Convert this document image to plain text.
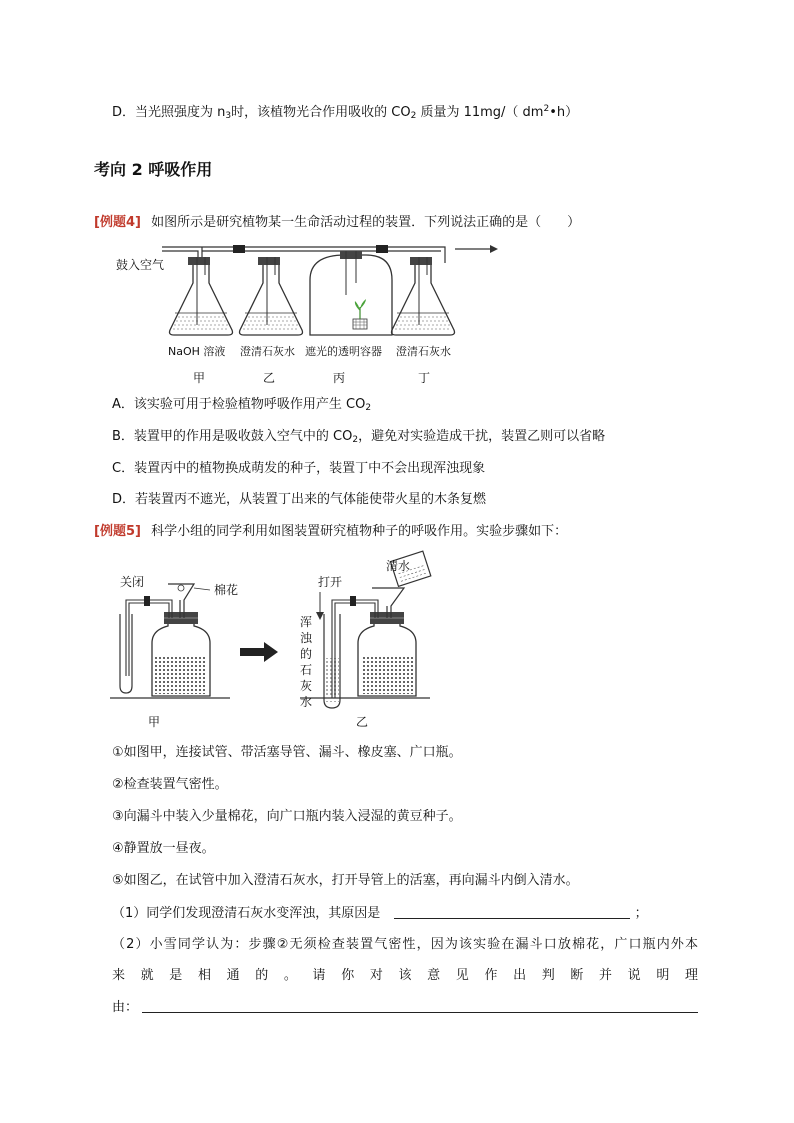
D．当光照强度为 $n_3$时，该植物光合作用吸收的 $CO_2$ 质量为 11mg/（ $dm^2•h$）
考向 2 呼吸作用
[例题4] 如图所示是研究植物某一生命活动过程的装置．下列说法正确的是（　　）
鼓入空气
NaOH 溶液 澄清石灰水 遮光的透明容器 澄清石灰水
甲	乙	丙	丁
A．该实验可用于检验植物呼吸作用产生 $CO_2$
B．装置甲的作用是吸收鼓入空气中的 $CO_2$，避免对实验造成干扰，装置乙则可以省略
C．装置丙中的植物换成萌发的种子，装置丁中不会出现浑浊现象
D．若装置丙不遮光，从装置丁出来的气体能使带火星的木条复燃
[例题5] 科学小组的同学利用如图装置研究植物种子的呼吸作用。实验步骤如下：
关闭
棉花
甲
打开
浑
浊
的
石
灰
水
清水
乙
①如图甲，连接试管、带活塞导管、漏斗、橡皮塞、广口瓶。
②检查装置气密性。
③向漏斗中装入少量棉花，向广口瓶内装入浸湿的黄豆种子。
④静置放一昼夜。
⑤如图乙，在试管中加入澄清石灰水，打开导管上的活塞，再向漏斗内倒入清水。
（1）同学们发现澄清石灰水变浑浊，其原因是	；
（2）小雪同学认为：步骤②无须检查装置气密性，因为该实验在漏斗口放棉花，广口瓶内外本
来就是相通的。请你对该意见作出判断并说明理
由：
